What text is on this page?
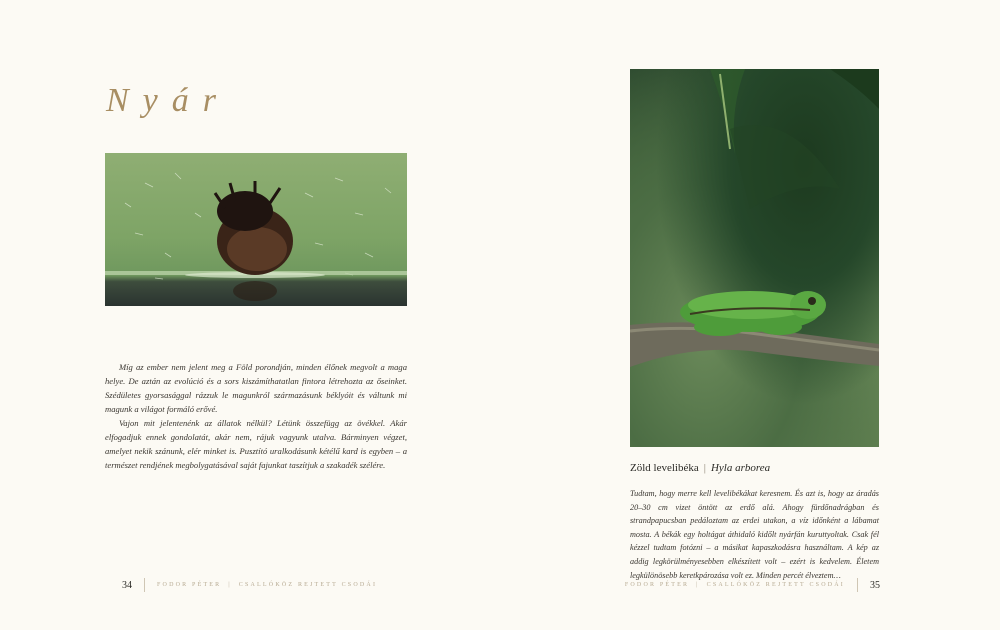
Nyár

Míg az ember nem jelent meg a Föld porondján, minden élőnek megvolt a maga helye. De aztán az evolúció és a sors kiszámíthatatlan fintora létrehozta az őseinket. Szédületes gyorsasággal rázzuk le magunkról származásunk béklyóit és váltunk mi magunk a világot formáló erővé.

Vajon mit jelentenénk az állatok nélkül? Létünk összefügg az övékkel. Akár elfogadjuk ennek gondolatát, akár nem, rájuk vagyunk utalva. Bárminyen végzet, amelyet nekik szánunk, elér minket is. Pusztító uralkodásunk kétélű kard is egyben – a természet rendjének megbolygatásával saját fajunkat taszítjuk a szakadék szélére.

34	FODOR PÉTER | CSALLÓKÖZ REJTETT CSODÁI
Zöld levelibéka | Hyla arborea

Tudtam, hogy merre kell levelibékákat keresnem. És azt is, hogy az áradás 20–30 cm vizet öntött az erdő alá. Ahogy fürdőnadrágban és strandpapucsban pedáloztam az erdei utakon, a víz időnként a lábamat mosta. A békák egy holtágat áthidaló kidőlt nyárfán kuruttyoltak. Csak fél kézzel tudtam fotózni – a másikat kapaszkodásra használtam. A kép az addig legkörülményesebben elkészített volt – ezért is kedvelem. Életem legkülönösebb keretkpározása volt ez. Minden percét élveztem…

FODOR PÉTER | CSALLÓKÖZ REJTETT CSODÁI	35
